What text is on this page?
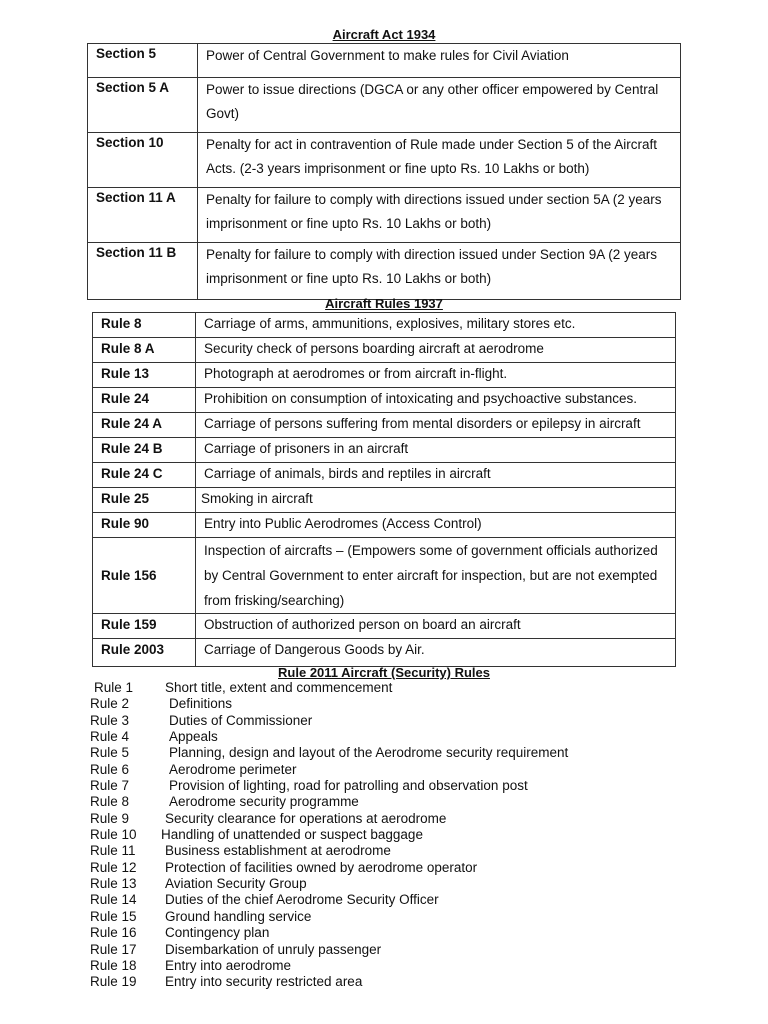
Aircraft Act 1934
Section 5	Power of Central Government to make rules for Civil Aviation
Section 5 A	Power to issue directions (DGCA or any other officer empowered by Central Govt)
Section 10	Penalty for act in contravention of Rule made under Section 5 of the Aircraft Acts. (2-3 years imprisonment or fine upto Rs. 10 Lakhs or both)
Section 11 A	Penalty for failure to comply with directions issued under section 5A (2 years imprisonment or fine upto Rs. 10 Lakhs or both)
Section 11 B	Penalty for failure to comply with direction issued under Section 9A (2 years imprisonment or fine upto Rs. 10 Lakhs or both)
Aircraft Rules 1937
Rule 8	Carriage of arms, ammunitions, explosives, military stores etc.
Rule 8 A	Security check of persons boarding aircraft at aerodrome
Rule 13	Photograph at aerodromes or from aircraft in-flight.
Rule 24	Prohibition on consumption of intoxicating and psychoactive substances.
Rule 24 A	Carriage of persons suffering from mental disorders or epilepsy in aircraft
Rule 24 B	Carriage of prisoners in an aircraft
Rule 24 C	Carriage of animals, birds and reptiles in aircraft
Rule 25	Smoking in aircraft
Rule 90	Entry into Public Aerodromes (Access Control)
Rule 156	Inspection of aircrafts – (Empowers some of government officials authorized by Central Government to enter aircraft for inspection, but are not exempted from frisking/searching)
Rule 159	Obstruction of authorized person on board an aircraft
Rule 2003	Carriage of Dangerous Goods by Air.
Rule 2011 Aircraft (Security) Rules
Rule 1 Short title, extent and commencement
Rule 2	Definitions
Rule 3	Duties of Commissioner
Rule 4	Appeals
Rule 5	Planning, design and layout of the Aerodrome security requirement
Rule 6	Aerodrome perimeter
Rule 7	Provision of lighting, road for patrolling and observation post
Rule 8	Aerodrome security programme
Rule 9	Security clearance for operations at aerodrome
Rule 10 Handling of unattended or suspect baggage
Rule 11 Business establishment at aerodrome
Rule 12 Protection of facilities owned by aerodrome operator
Rule 13 Aviation Security Group
Rule 14 Duties of the chief Aerodrome Security Officer
Rule 15 Ground handling service
Rule 16 Contingency plan
Rule 17 Disembarkation of unruly passenger
Rule 18 Entry into aerodrome
Rule 19 Entry into security restricted area
